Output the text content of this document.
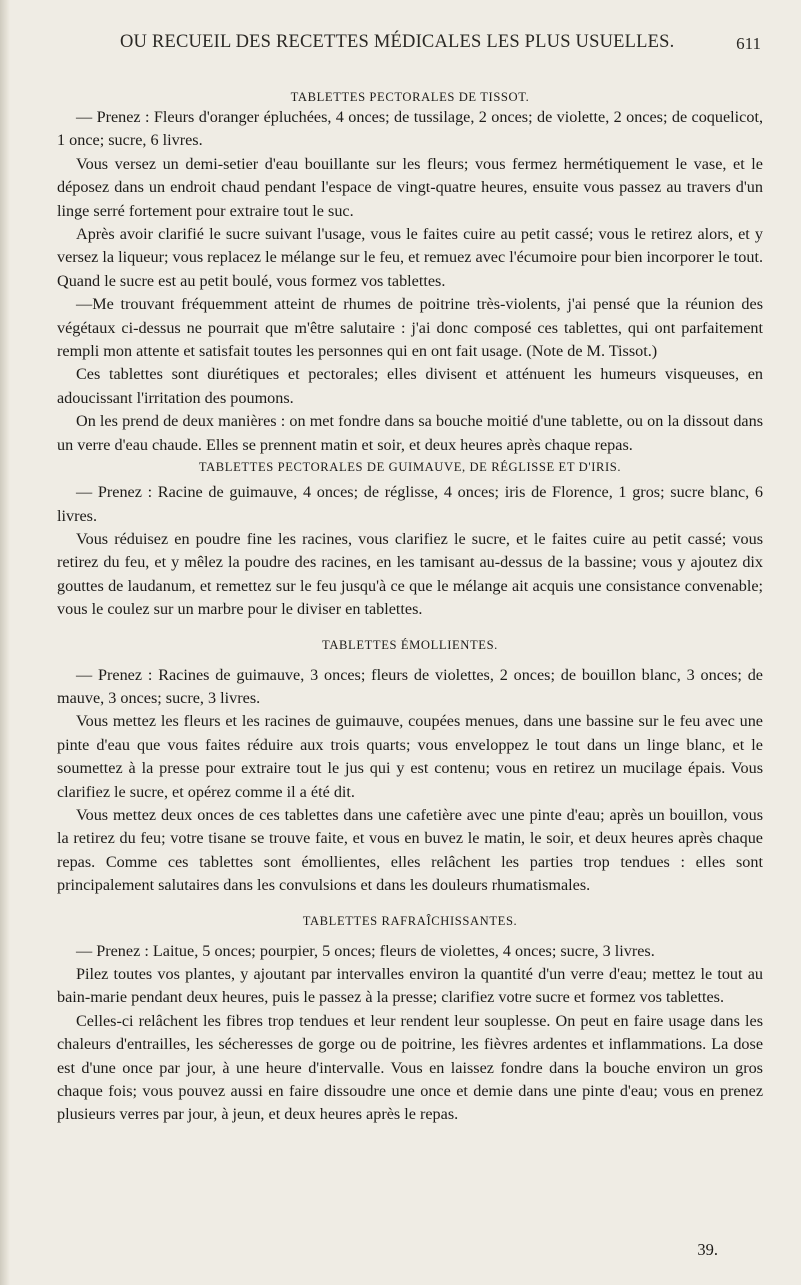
OU RECUEIL DES RECETTES MÉDICALES LES PLUS USUELLES.	611
TABLETTES PECTORALES DE TISSOT.

— Prenez : Fleurs d'oranger épluchées, 4 onces; de tussilage, 2 onces; de violette, 2 onces; de coquelicot, 1 once; sucre, 6 livres.

Vous versez un demi-setier d'eau bouillante sur les fleurs; vous fermez hermétiquement le vase, et le déposez dans un endroit chaud pendant l'espace de vingt-quatre heures, ensuite vous passez au travers d'un linge serré fortement pour extraire tout le suc.

Après avoir clarifié le sucre suivant l'usage, vous le faites cuire au petit cassé; vous le retirez alors, et y versez la liqueur; vous replacez le mélange sur le feu, et remuez avec l'écumoire pour bien incorporer le tout. Quand le sucre est au petit boulé, vous formez vos tablettes.

—Me trouvant fréquemment atteint de rhumes de poitrine très-violents, j'ai pensé que la réunion des végétaux ci-dessus ne pourrait que m'être salutaire : j'ai donc composé ces tablettes, qui ont parfaitement rempli mon attente et satisfait toutes les personnes qui en ont fait usage. (Note de M. Tissot.)

Ces tablettes sont diurétiques et pectorales; elles divisent et atténuent les humeurs visqueuses, en adoucissant l'irritation des poumons.

On les prend de deux manières : on met fondre dans sa bouche moitié d'une tablette, ou on la dissout dans un verre d'eau chaude. Elles se prennent matin et soir, et deux heures après chaque repas.

TABLETTES PECTORALES DE GUIMAUVE, DE RÉGLISSE ET D'IRIS.

— Prenez : Racine de guimauve, 4 onces; de réglisse, 4 onces; iris de Florence, 1 gros; sucre blanc, 6 livres.

Vous réduisez en poudre fine les racines, vous clarifiez le sucre, et le faites cuire au petit cassé; vous retirez du feu, et y mêlez la poudre des racines, en les tamisant au-dessus de la bassine; vous y ajoutez dix gouttes de laudanum, et remettez sur le feu jusqu'à ce que le mélange ait acquis une consistance convenable; vous le coulez sur un marbre pour le diviser en tablettes.

TABLETTES ÉMOLLIENTES.

— Prenez : Racines de guimauve, 3 onces; fleurs de violettes, 2 onces; de bouillon blanc, 3 onces; de mauve, 3 onces; sucre, 3 livres.

Vous mettez les fleurs et les racines de guimauve, coupées menues, dans une bassine sur le feu avec une pinte d'eau que vous faites réduire aux trois quarts; vous enveloppez le tout dans un linge blanc, et le soumettez à la presse pour extraire tout le jus qui y est contenu; vous en retirez un mucilage épais. Vous clarifiez le sucre, et opérez comme il a été dit.

Vous mettez deux onces de ces tablettes dans une cafetière avec une pinte d'eau; après un bouillon, vous la retirez du feu; votre tisane se trouve faite, et vous en buvez le matin, le soir, et deux heures après chaque repas. Comme ces tablettes sont émollientes, elles relâchent les parties trop tendues : elles sont principalement salutaires dans les convulsions et dans les douleurs rhumatismales.

TABLETTES RAFRAÎCHISSANTES.

— Prenez : Laitue, 5 onces; pourpier, 5 onces; fleurs de violettes, 4 onces; sucre, 3 livres.

Pilez toutes vos plantes, y ajoutant par intervalles environ la quantité d'un verre d'eau; mettez le tout au bain-marie pendant deux heures, puis le passez à la presse; clarifiez votre sucre et formez vos tablettes.

Celles-ci relâchent les fibres trop tendues et leur rendent leur souplesse. On peut en faire usage dans les chaleurs d'entrailles, les sécheresses de gorge ou de poitrine, les fièvres ardentes et inflammations. La dose est d'une once par jour, à une heure d'intervalle. Vous en laissez fondre dans la bouche environ un gros chaque fois; vous pouvez aussi en faire dissoudre une once et demie dans une pinte d'eau; vous en prenez plusieurs verres par jour, à jeun, et deux heures après le repas.

39.
